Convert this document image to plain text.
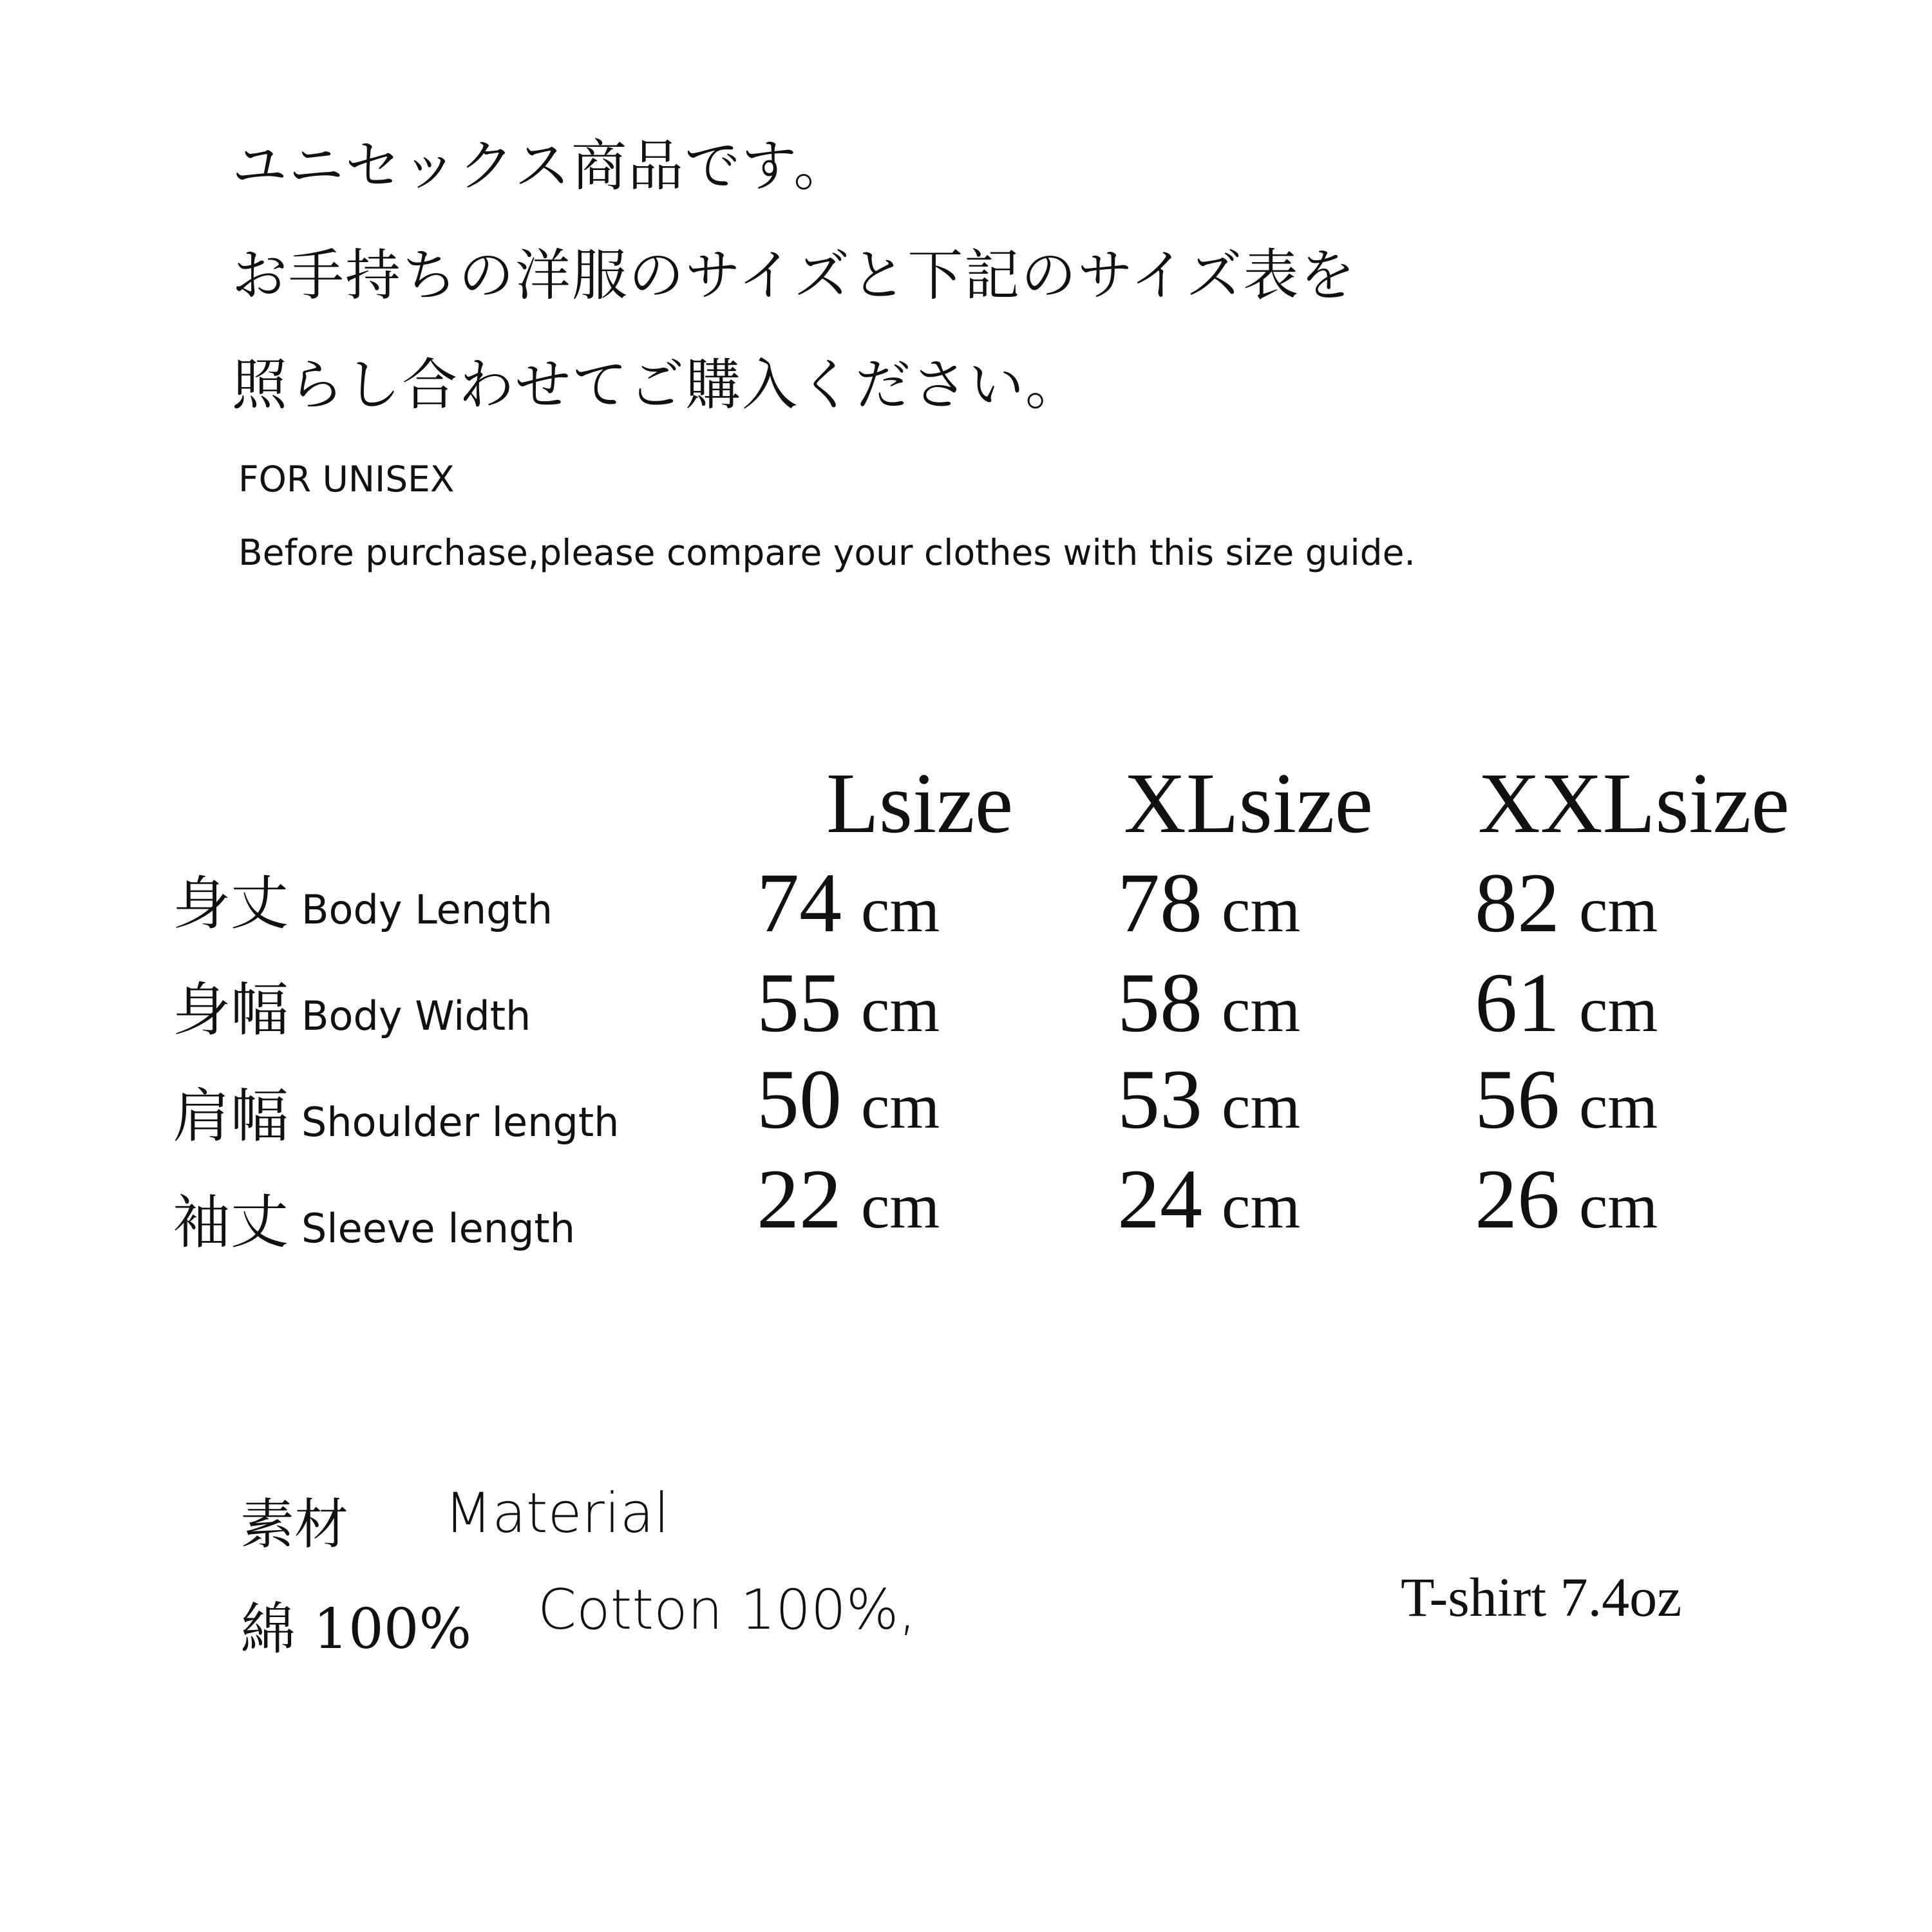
ユニセックス商品です。
お手持ちの洋服のサイズと下記のサイズ表を
照らし合わせてご購入ください。
FOR UNISEX
Before purchase,please compare your clothes with this size guide.
Lsize XLsize XXLsize
身丈 Body Length 74 cm 78 cm 82 cm
身幅 Body Width	55 cm 58 cm 61 cm
肩幅 Shoulder length 50 cm 53 cm 56 cm
袖丈 Sleeve length 22 cm 24 cm 26 cm
素材 Material
綿 100% Cotton 100%,	T-shirt 7.4oz
